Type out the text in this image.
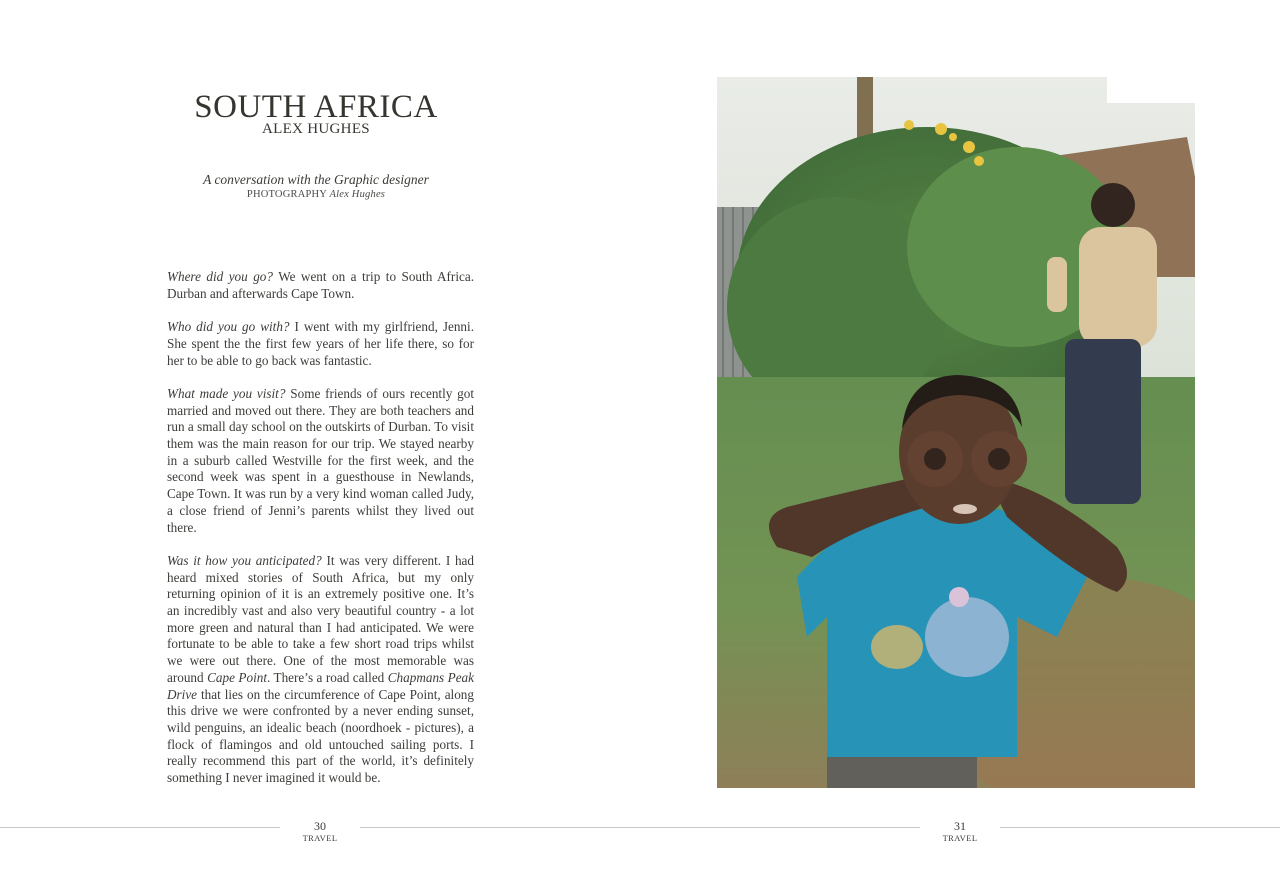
SOUTH AFRICA
ALEX HUGHES
A conversation with the Graphic designer
PHOTOGRAPHY Alex Hughes

Where did you go? We went on a trip to South Africa. Durban and afterwards Cape Town.

Who did you go with? I went with my girlfriend, Jenni. She spent the the first few years of her life there, so for her to be able to go back was fantastic.

What made you visit? Some friends of ours recently got married and moved out there. They are both teachers and run a small day school on the outskirts of Durban. To visit them was the main reason for our trip. We stayed nearby in a suburb called Westville for the first week, and the second week was spent in a guesthouse in Newlands, Cape Town. It was run by a very kind woman called Judy, a close friend of Jenni’s parents whilst they lived out there.

Was it how you anticipated? It was very different. I had heard mixed stories of South Africa, but my only returning opinion of it is an extremely positive one. It’s an incredibly vast and also very beautiful country - a lot more green and natural than I had anticipated. We were fortunate to be able to take a few short road trips whilst we were out there. One of the most memorable was around Cape Point. There’s a road called Chapmans Peak Drive that lies on the circumference of Cape Point, along this drive we were confronted by a never ending sunset, wild penguins, an idealic beach (noordhoek - pictures), a flock of flamingos and old untouched sailing ports. I really recommend this part of the world, it’s definitely something I never imagined it would be.

30
TRAVEL
31
TRAVEL
